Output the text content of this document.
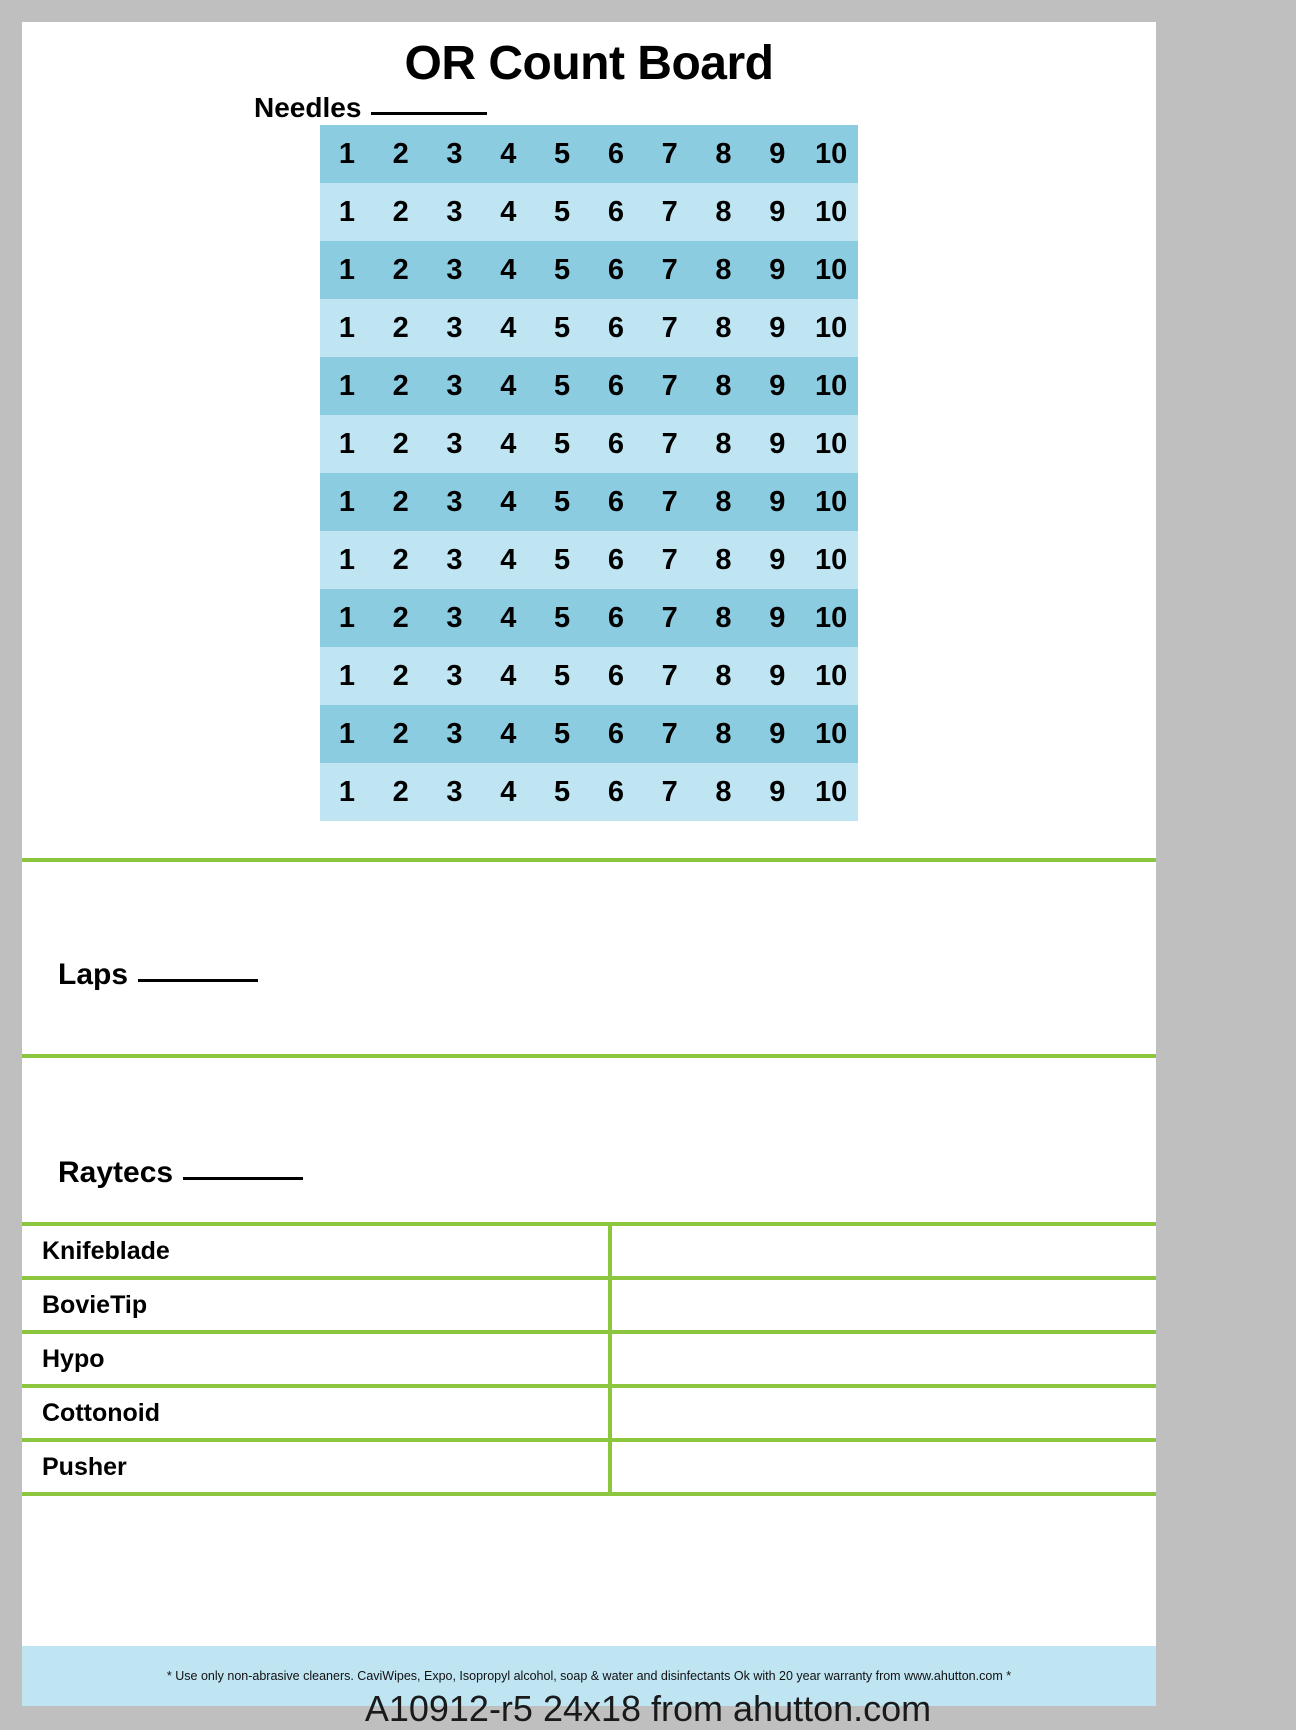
OR Count Board
Needles
1	2	3	4	5	6	7	8	9	10
1	2	3	4	5	6	7	8	9	10
1	2	3	4	5	6	7	8	9	10
1	2	3	4	5	6	7	8	9	10
1	2	3	4	5	6	7	8	9	10
1	2	3	4	5	6	7	8	9	10
1	2	3	4	5	6	7	8	9	10
1	2	3	4	5	6	7	8	9	10
1	2	3	4	5	6	7	8	9	10
1	2	3	4	5	6	7	8	9	10
1	2	3	4	5	6	7	8	9	10
1	2	3	4	5	6	7	8	9	10
Laps
Raytecs
Knifeblade	
BovieTip	
Hypo	
Cottonoid	
Pusher	
* Use only non-abrasive cleaners. CaviWipes, Expo, Isopropyl alcohol, soap & water and disinfectants Ok with 20 year warranty from www.ahutton.com *
A10912-r5 24x18 from ahutton.com
